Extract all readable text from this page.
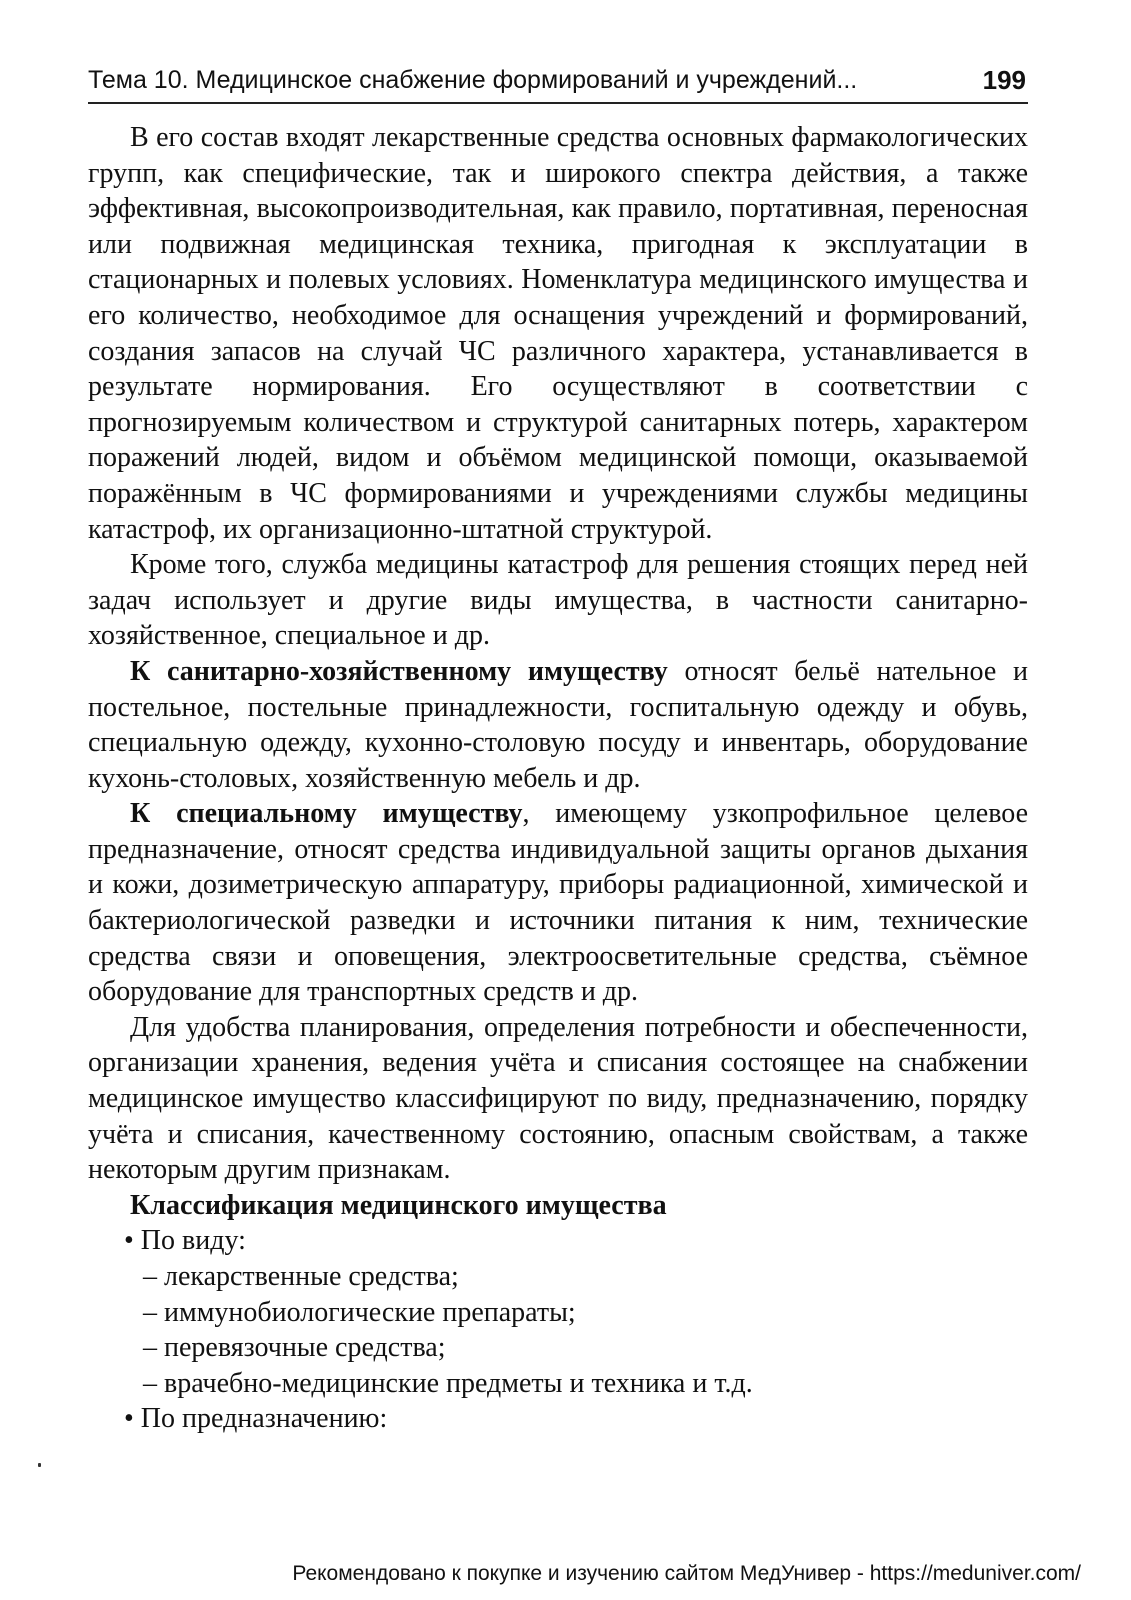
Тема 10. Медицинское снабжение формирований и учреждений...	199

В его состав входят лекарственные средства основных фармакологических групп, как специфические, так и широкого спектра действия, а также эффективная, высокопроизводительная, как правило, портативная, переносная или подвижная медицинская техника, пригодная к эксплуатации в стационарных и полевых условиях. Номенклатура медицинского имущества и его количество, необходимое для оснащения учреждений и формирований, создания запасов на случай ЧС различного характера, устанавливается в результате нормирования. Его осуществляют в соответствии с прогнозируемым количеством и структурой санитарных потерь, характером поражений людей, видом и объёмом медицинской помощи, оказываемой поражённым в ЧС формированиями и учреждениями службы медицины катастроф, их организационно-штатной структурой.

Кроме того, служба медицины катастроф для решения стоящих перед ней задач использует и другие виды имущества, в частности санитарно-хозяйственное, специальное и др.

К санитарно-хозяйственному имуществу относят бельё нательное и постельное, постельные принадлежности, госпитальную одежду и обувь, специальную одежду, кухонно-столовую посуду и инвентарь, оборудование кухонь-столовых, хозяйственную мебель и др.

К специальному имуществу, имеющему узкопрофильное целевое предназначение, относят средства индивидуальной защиты органов дыхания и кожи, дозиметрическую аппаратуру, приборы радиационной, химической и бактериологической разведки и источники питания к ним, технические средства связи и оповещения, электроосветительные средства, съёмное оборудование для транспортных средств и др.

Для удобства планирования, определения потребности и обеспеченности, организации хранения, ведения учёта и списания состоящее на снабжении медицинское имущество классифицируют по виду, предназначению, порядку учёта и списания, качественному состоянию, опасным свойствам, а также некоторым другим признакам.

Классификация медицинского имущества

• По виду:
– лекарственные средства;
– иммунобиологические препараты;
– перевязочные средства;
– врачебно-медицинские предметы и техника и т.д.
• По предназначению:
Рекомендовано к покупке и изучению сайтом МедУнивер - https://meduniver.com/
